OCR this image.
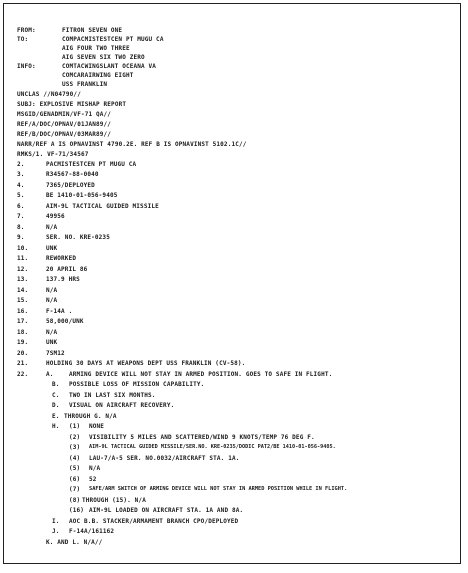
FROM:	FITRON SEVEN ONE
TO:	COMPACMISTESTCEN PT MUGU CA
AIG FOUR TWO THREE
AIG SEVEN SIX TWO ZERO
INFO:	COMTACWINGSLANT OCEANA VA
COMCARAIRWING EIGHT
USS FRANKLIN
UNCLAS //N04790//
SUBJ: EXPLOSIVE MISHAP REPORT
MSGID/GENADMIN/VF-71 QA//
REF/A/DOC/OPNAV/01JAN89//
REF/B/DOC/OPNAV/03MAR89//
NARR/REF A IS OPNAVINST 4790.2E. REF B IS OPNAVINST 5102.1C//
RMKS/1. VF-71/34567
2.	PACMISTESTCEN PT MUGU CA
3.	R34567-88-0040
4.	7365/DEPLOYED
5.	BE 1410-01-056-9405
6.	AIM-9L TACTICAL GUIDED MISSILE
7.	49956
8.	N/A
9.	SER. NO. KRE-0235
10.	UNK
11.	REWORKED
12.	20 APRIL 86
13.	137.9 HRS
14.	N/A
15.	N/A
16.	F-14A .
17.	58,000/UNK
18.	N/A
19.	UNK
20.	7SM12
21.	HOLDING 30 DAYS AT WEAPONS DEPT USS FRANKLIN (CV-58).
22.	A.	ARMING DEVICE WILL NOT STAY IN ARMED POSITION. GOES TO SAFE IN FLIGHT.
B. POSSIBLE LOSS OF MISSION CAPABILITY.
C. TWO IN LAST SIX MONTHS.
D. VISUAL ON AIRCRAFT RECOVERY.
E. THROUGH G. N/A
H. (1) NONE
(2) VISIBILITY 5 MILES AND SCATTERED/WIND 9 KNOTS/TEMP 76 DEG F.
(3) AIM-9L TACTICAL GUIDED MISSILE/SER.NO. KRE-0235/DODIC PAT2/BE 1410-01-056-9405.
(4) LAU-7/A-5 SER. NO.0032/AIRCRAFT STA. 1A.
(5) N/A
(6) 52
(7) SAFE/ARM SWITCH OF ARMING DEVICE WILL NOT STAY IN ARMED POSITION WHILE IN FLIGHT.
(8) THROUGH (15). N/A
(16) AIM-9L LOADED ON AIRCRAFT STA. 1A AND 8A.
I. AOC B.B. STACKER/ARMAMENT BRANCH CPO/DEPLOYED
J. F-14A/161162
K. AND L. N/A//
